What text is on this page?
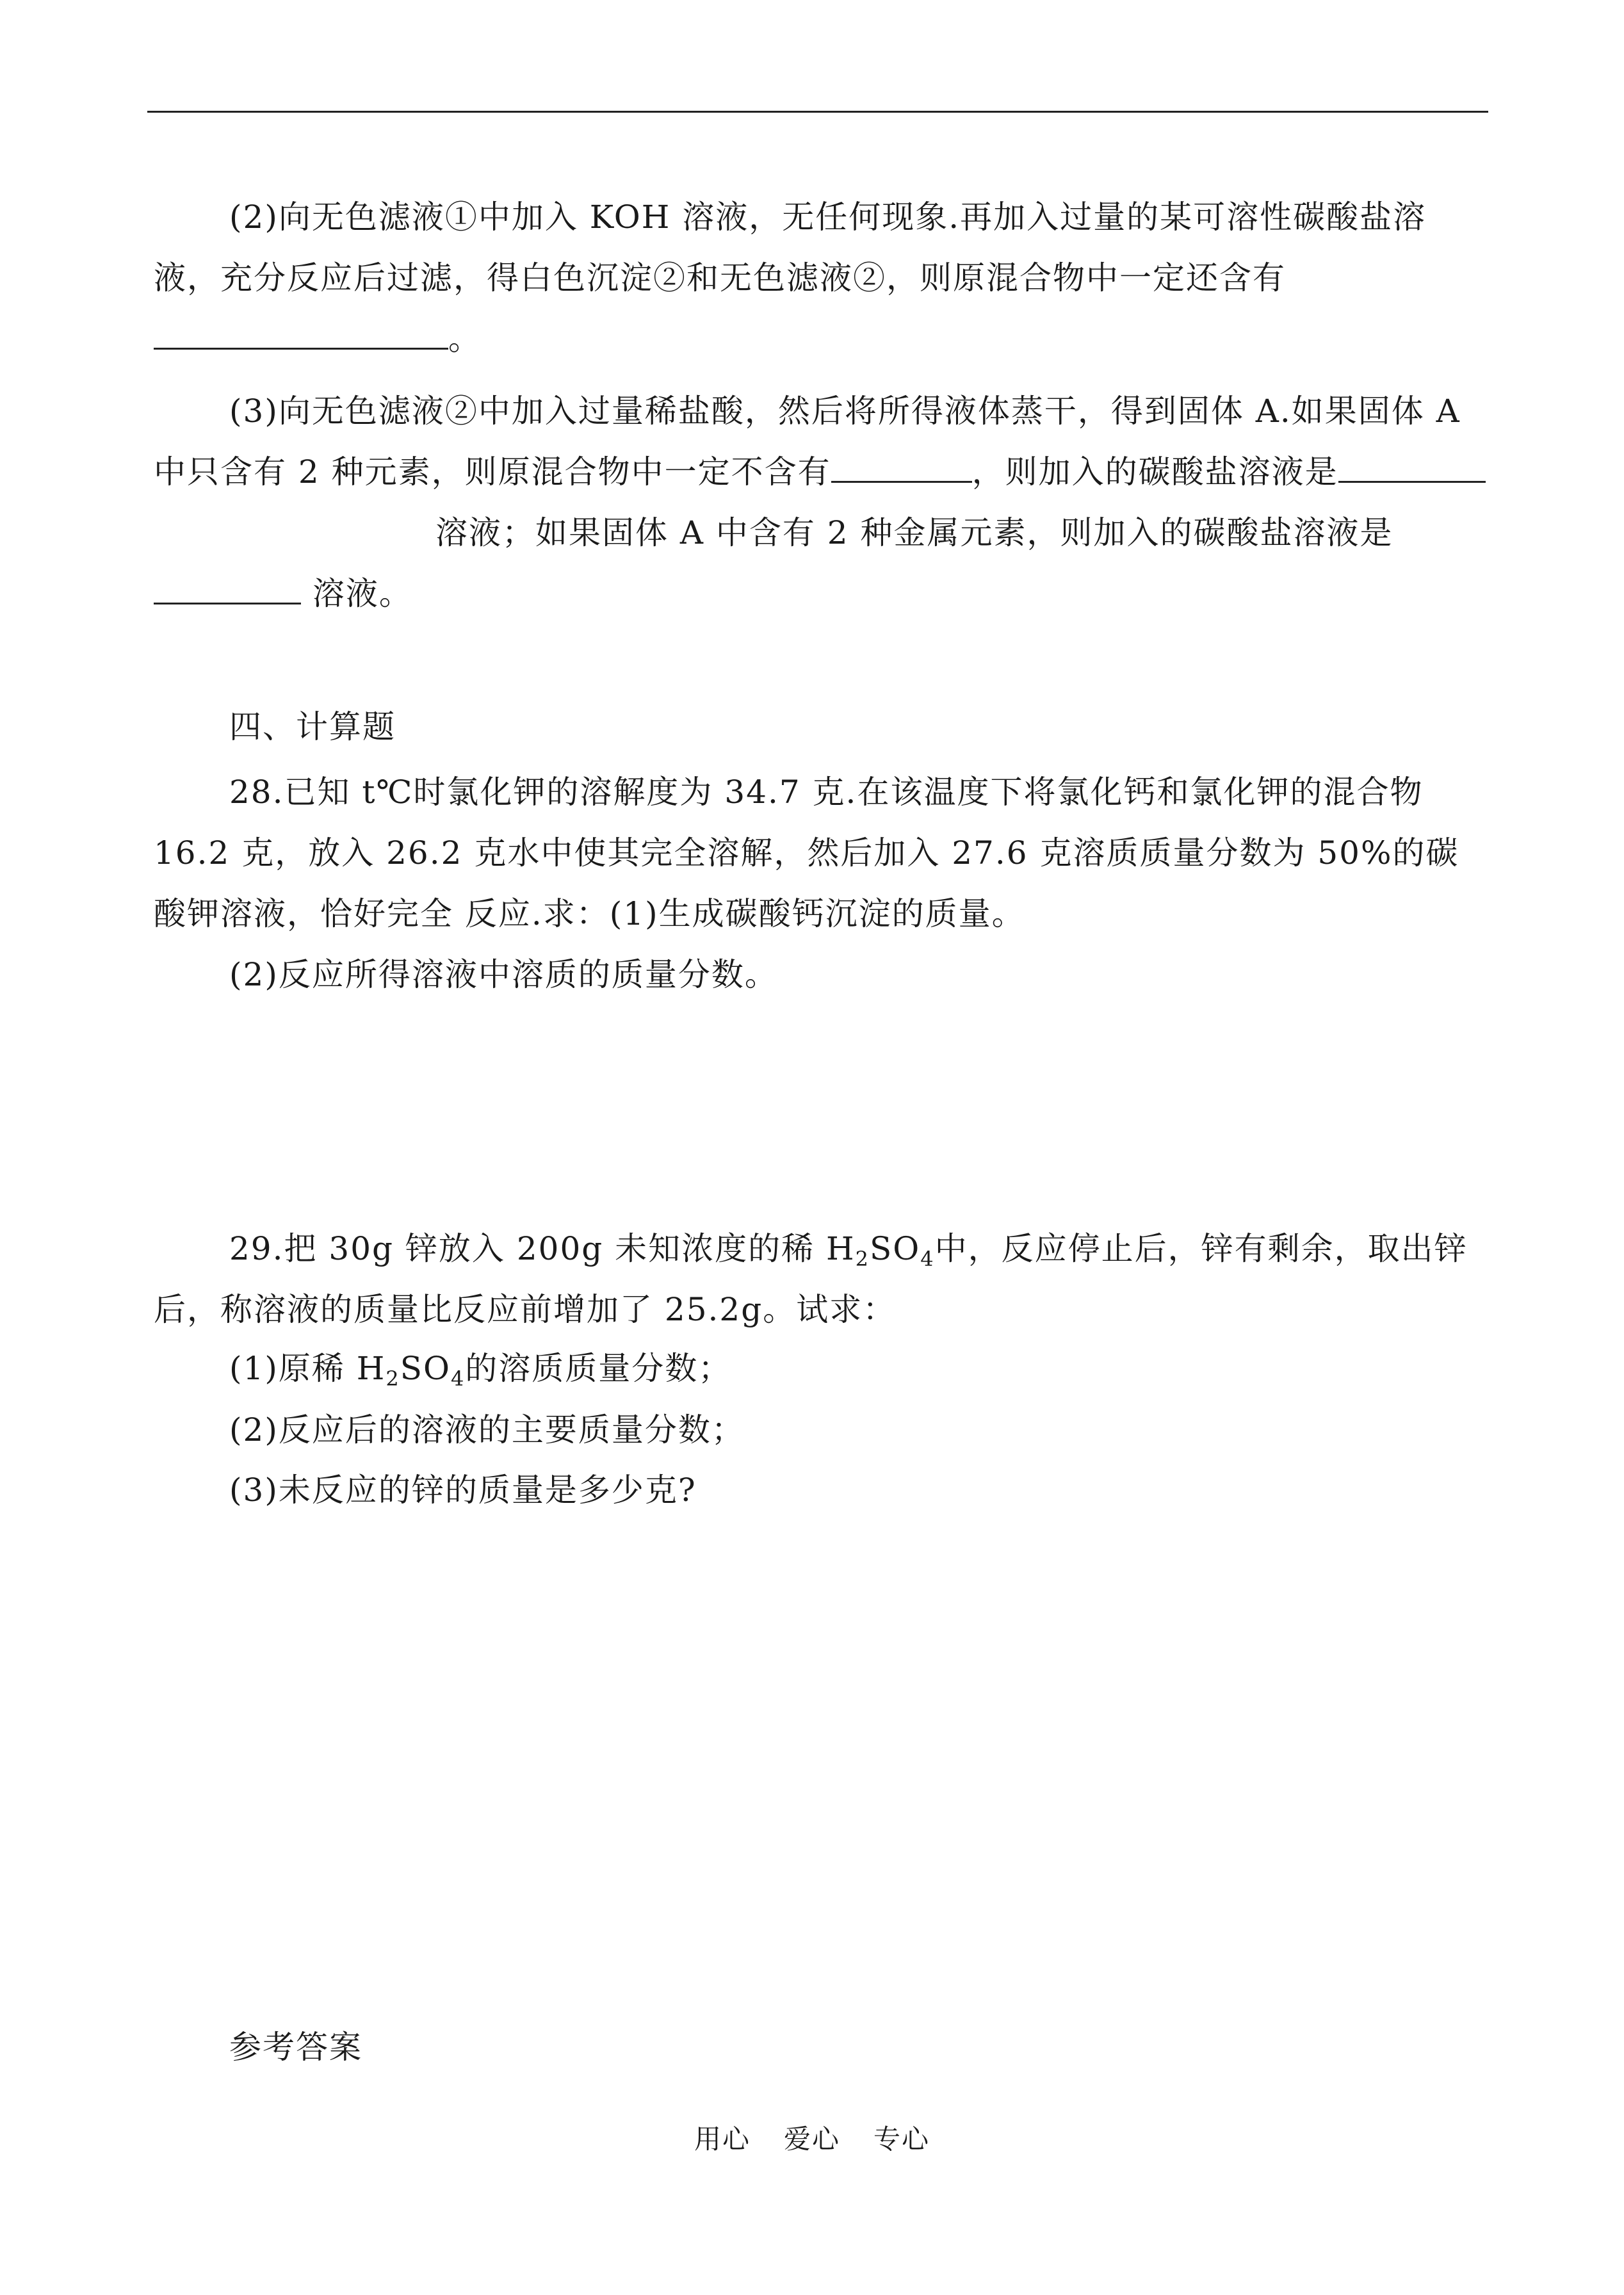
(2)向无色滤液①中加入 KOH 溶液，无任何现象.再加入过量的某可溶性碳酸盐溶液，充分反应后过滤，得白色沉淀②和无色滤液②，则原混合物中一定还含有。

(3)向无色滤液②中加入过量稀盐酸，然后将所得液体蒸干，得到固体 A.如果固体 A 中只含有 2 种元素，则原混合物中一定不含有	，则加入的碳酸盐溶液是溶液；如果固体 A 中含有 2 种金属元素，则加入的碳酸盐溶液是 溶液。

四、计算题

28.已知 t℃时氯化钾的溶解度为 34.7 克.在该温度下将氯化钙和氯化钾的混合物 16.2 克，放入 26.2 克水中使其完全溶解，然后加入 27.6 克溶质质量分数为 50%的碳酸钾溶液，恰好完全 反应.求：(1)生成碳酸钙沉淀的质量。

(2)反应所得溶液中溶质的质量分数。

29.把 30g 锌放入 200g 未知浓度的稀 $H_2SO_4$中，反应停止后，锌有剩余，取出锌后，称溶液的质量比反应前增加了 25.2g。试求：

(1)原稀 $H_2SO_4$的溶质质量分数；

(2)反应后的溶液的主要质量分数；

(3)未反应的锌的质量是多少克?

参考答案
用心 爱心 专心
